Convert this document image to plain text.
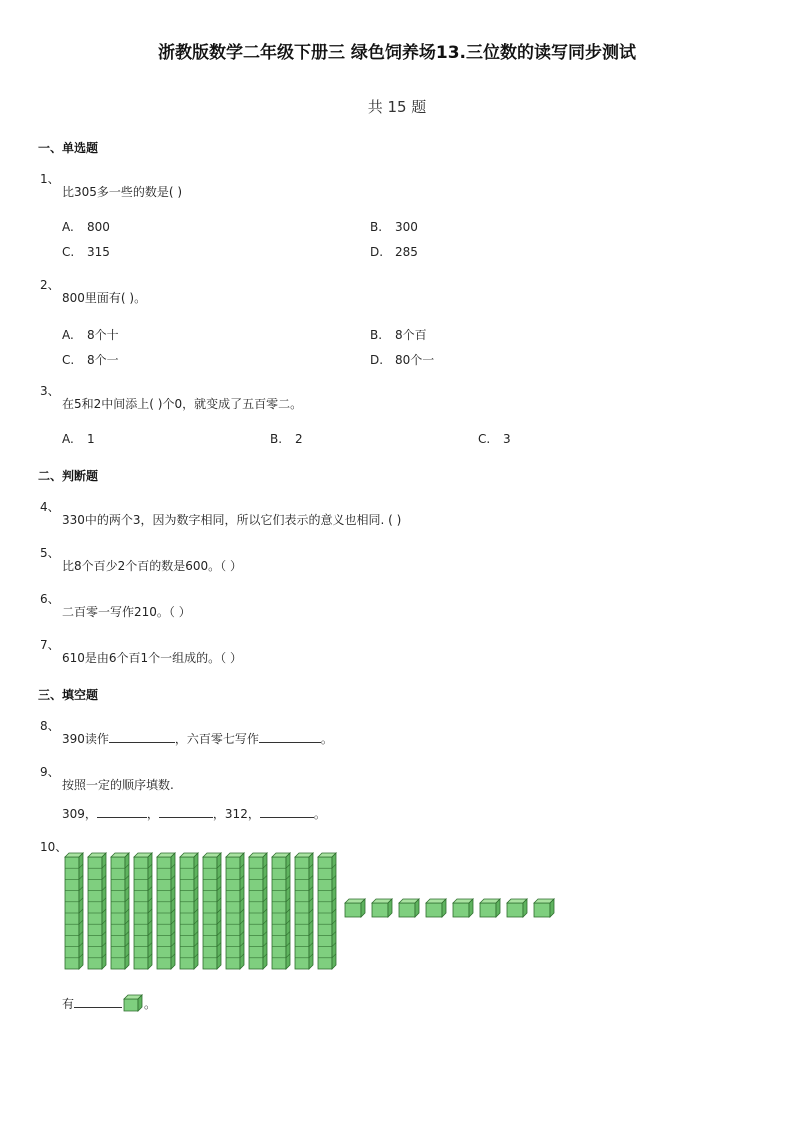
浙教版数学二年级下册三 绿色饲养场13.三位数的读写同步测试
共 15 题
一、单选题
1、
比305多一些的数是( )
A. 800	B. 300
C. 315	D. 285
2、
800里面有( )。
A. 8个十	B. 8个百
C. 8个一	D. 80个一
3、
在5和2中间添上( )个0，就变成了五百零二。
A. 1	B. 2	C. 3
二、判断题
4、
330中的两个3，因为数字相同，所以它们表示的意义也相同. ( )
5、
比8个百少2个百的数是600。（ ）
6、
二百零一写作210。（ ）
7、
610是由6个百1个一组成的。（ ）
三、填空题
8、
390读作	，六百零七写作	。
9、
按照一定的顺序填数.
309，	，	，312，	。
10、
有	。
